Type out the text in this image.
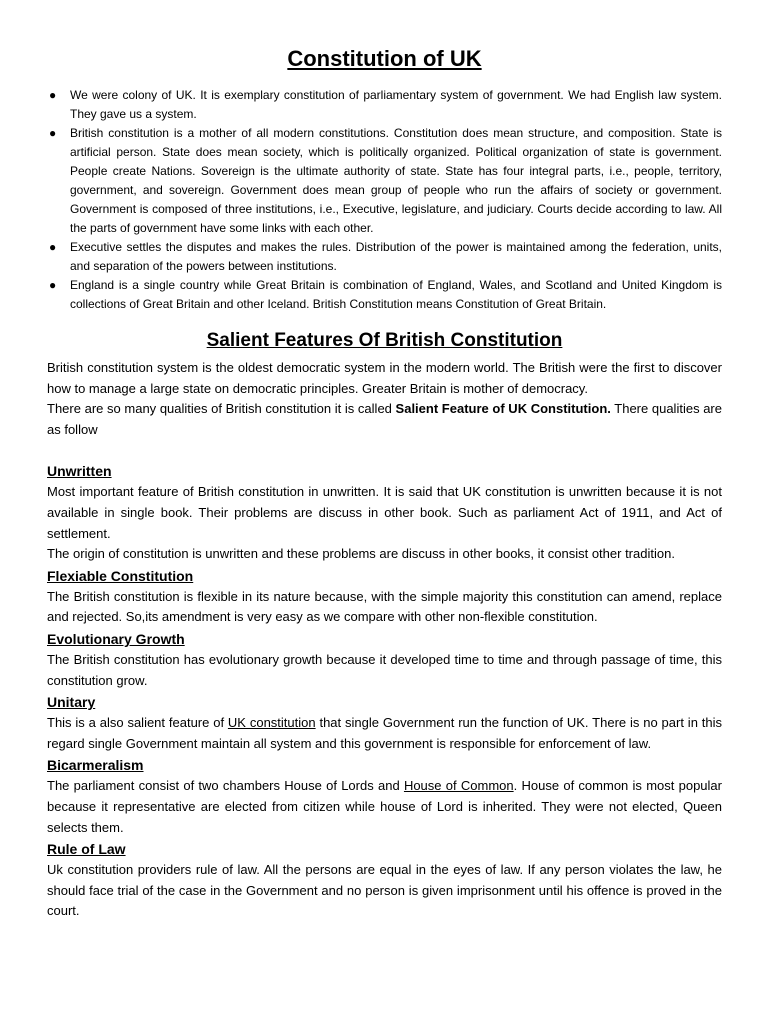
Constitution of UK
● We were colony of UK. It is exemplary constitution of parliamentary system of government. We had English law system. They gave us a system.
● British constitution is a mother of all modern constitutions. Constitution does mean structure, and composition. State is artificial person. State does mean society, which is politically organized. Political organization of state is government. People create Nations. Sovereign is the ultimate authority of state. State has four integral parts, i.e., people, territory, government, and sovereign. Government does mean group of people who run the affairs of society or government. Government is composed of three institutions, i.e., Executive, legislature, and judiciary. Courts decide according to law. All the parts of government have some links with each other.
● Executive settles the disputes and makes the rules. Distribution of the power is maintained among the federation, units, and separation of the powers between institutions.
● England is a single country while Great Britain is combination of England, Wales, and Scotland and United Kingdom is collections of Great Britain and other Iceland. British Constitution means Constitution of Great Britain.
Salient Features Of British Constitution

British constitution system is the oldest democratic system in the modern world. The British were the first to discover how to manage a large state on democratic principles. Greater Britain is mother of democracy.

There are so many qualities of British constitution it is called Salient Feature of UK Constitution. There qualities are as follow

Unwritten

Most important feature of British constitution in unwritten. It is said that UK constitution is unwritten because it is not available in single book. Their problems are discuss in other book. Such as parliament Act of 1911, and Act of settlement.

The origin of constitution is unwritten and these problems are discuss in other books, it consist other tradition.

Flexiable Constitution

The British constitution is flexible in its nature because, with the simple majority this constitution can amend, replace and rejected. So,its amendment is very easy as we compare with other non-flexible constitution.

Evolutionary Growth

The British constitution has evolutionary growth because it developed time to time and through passage of time, this constitution grow.

Unitary

This is a also salient feature of UK constitution that single Government run the function of UK. There is no part in this regard single Government maintain all system and this government is responsible for enforcement of law.

Bicarmeralism

The parliament consist of two chambers House of Lords and House of Common. House of common is most popular because it representative are elected from citizen while house of Lord is inherited. They were not elected, Queen selects them.

Rule of Law

Uk constitution providers rule of law. All the persons are equal in the eyes of law. If any person violates the law, he should face trial of the case in the Government and no person is given imprisonment until his offence is proved in the court.
